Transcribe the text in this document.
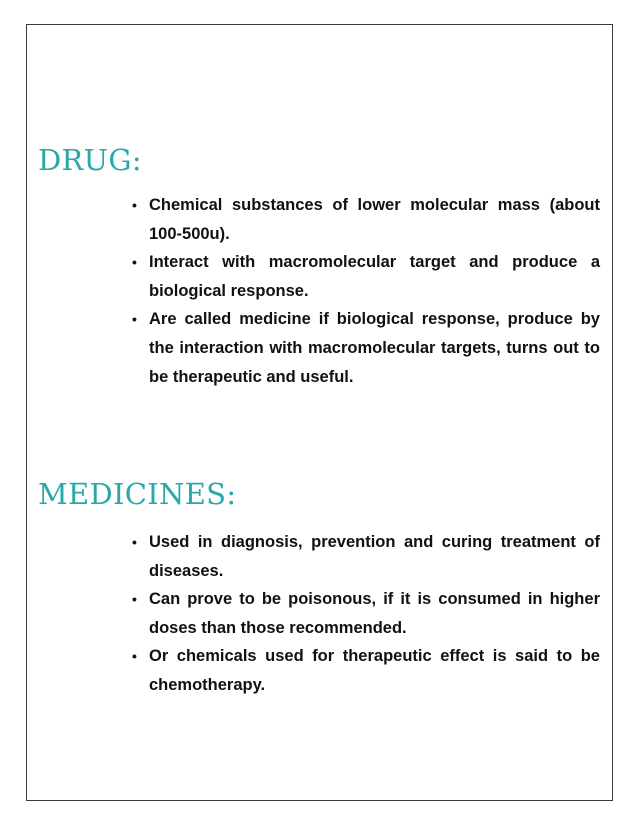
DRUG:
• Chemical substances of lower molecular mass (about 100-500u).
• Interact with macromolecular target and produce a biological response.
• Are called medicine if biological response, produce by the interaction with macromolecular targets, turns out to be therapeutic and useful.
MEDICINES:
• Used in diagnosis, prevention and curing treatment of diseases.
• Can prove to be poisonous, if it is consumed in higher doses than those recommended.
• Or chemicals used for therapeutic effect is said to be chemotherapy.
